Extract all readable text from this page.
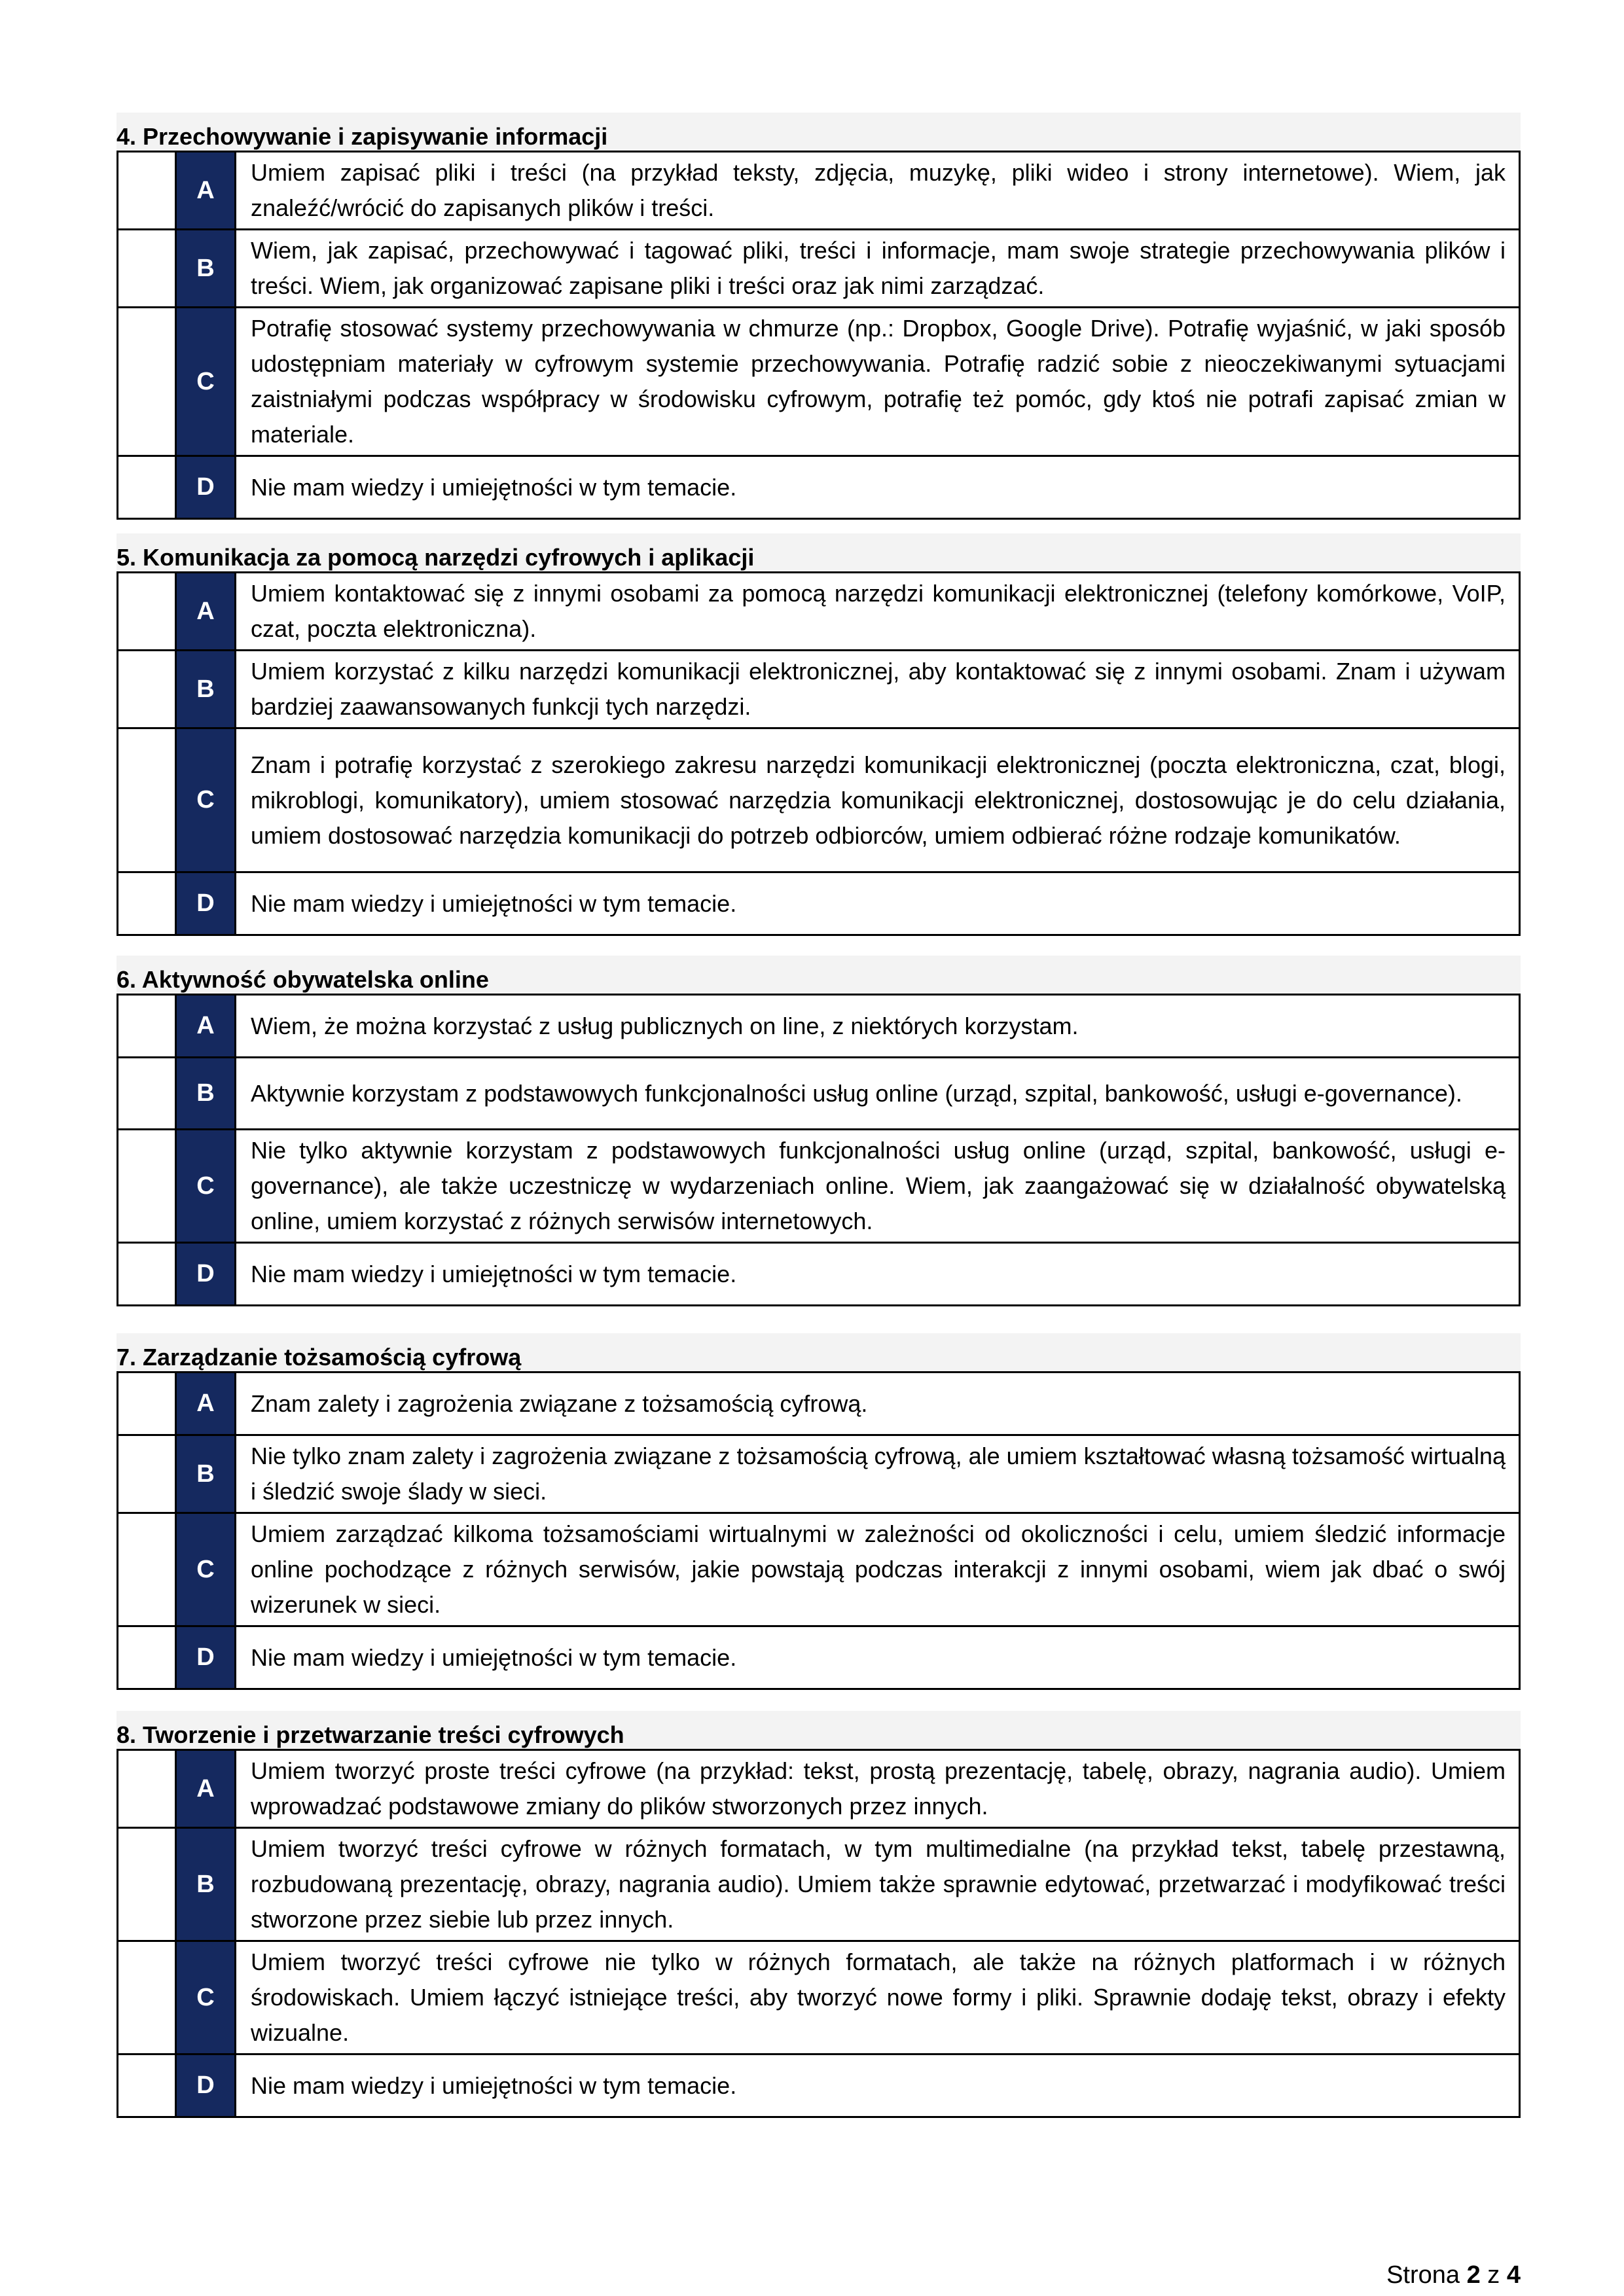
4. Przechowywanie i zapisywanie informacji
	A	Umiem zapisać pliki i treści (na przykład teksty, zdjęcia, muzykę, pliki wideo i strony internetowe). Wiem, jak znaleźć/wrócić do zapisanych plików i treści.
	B	Wiem, jak zapisać, przechowywać i tagować pliki, treści i informacje, mam swoje strategie przechowywania plików i treści. Wiem, jak organizować zapisane pliki i treści oraz jak nimi zarządzać.
	C	Potrafię stosować systemy przechowywania w chmurze (np.: Dropbox, Google Drive). Potrafię wyjaśnić, w jaki sposób udostępniam materiały w cyfrowym systemie przechowywania. Potrafię radzić sobie z nieoczekiwanymi sytuacjami zaistniałymi podczas współpracy w środowisku cyfrowym, potrafię też pomóc, gdy ktoś nie potrafi zapisać zmian w materiale.
	D	Nie mam wiedzy i umiejętności w tym temacie.
5. Komunikacja za pomocą narzędzi cyfrowych i aplikacji
	A	Umiem kontaktować się z innymi osobami za pomocą narzędzi komunikacji elektronicznej (telefony komórkowe, VoIP, czat, poczta elektroniczna).
	B	Umiem korzystać z kilku narzędzi komunikacji elektronicznej, aby kontaktować się z innymi osobami. Znam i używam bardziej zaawansowanych funkcji tych narzędzi.
	C	Znam i potrafię korzystać z szerokiego zakresu narzędzi komunikacji elektronicznej (poczta elektroniczna, czat, blogi, mikroblogi, komunikatory), umiem stosować narzędzia komunikacji elektronicznej, dostosowując je do celu działania, umiem dostosować narzędzia komunikacji do potrzeb odbiorców, umiem odbierać różne rodzaje komunikatów.
	D	Nie mam wiedzy i umiejętności w tym temacie.
6. Aktywność obywatelska online
	A	Wiem, że można korzystać z usług publicznych on line, z niektórych korzystam.
	B	Aktywnie korzystam z podstawowych funkcjonalności usług online (urząd, szpital, bankowość, usługi e-governance).
	C	Nie tylko aktywnie korzystam z podstawowych funkcjonalności usług online (urząd, szpital, bankowość, usługi e-governance), ale także uczestniczę w wydarzeniach online. Wiem, jak zaangażować się w działalność obywatelską online, umiem korzystać z różnych serwisów internetowych.
	D	Nie mam wiedzy i umiejętności w tym temacie.
7. Zarządzanie tożsamością cyfrową
	A	Znam zalety i zagrożenia związane z tożsamością cyfrową.
	B	Nie tylko znam zalety i zagrożenia związane z tożsamością cyfrową, ale umiem kształtować własną tożsamość wirtualną i śledzić swoje ślady w sieci.
	C	Umiem zarządzać kilkoma tożsamościami wirtualnymi w zależności od okoliczności i celu, umiem śledzić informacje online pochodzące z różnych serwisów, jakie powstają podczas interakcji z innymi osobami, wiem jak dbać o swój wizerunek w sieci.
	D	Nie mam wiedzy i umiejętności w tym temacie.
8. Tworzenie i przetwarzanie treści cyfrowych
	A	Umiem tworzyć proste treści cyfrowe (na przykład: tekst, prostą prezentację, tabelę, obrazy, nagrania audio). Umiem wprowadzać podstawowe zmiany do plików stworzonych przez innych.
	B	Umiem tworzyć treści cyfrowe w różnych formatach, w tym multimedialne (na przykład tekst, tabelę przestawną, rozbudowaną prezentację, obrazy, nagrania audio). Umiem także sprawnie edytować, przetwarzać i modyfikować treści stworzone przez siebie lub przez innych.
	C	Umiem tworzyć treści cyfrowe nie tylko w różnych formatach, ale także na różnych platformach i w różnych środowiskach. Umiem łączyć istniejące treści, aby tworzyć nowe formy i pliki. Sprawnie dodaję tekst, obrazy i efekty wizualne.
	D	Nie mam wiedzy i umiejętności w tym temacie.
Strona 2 z 4
